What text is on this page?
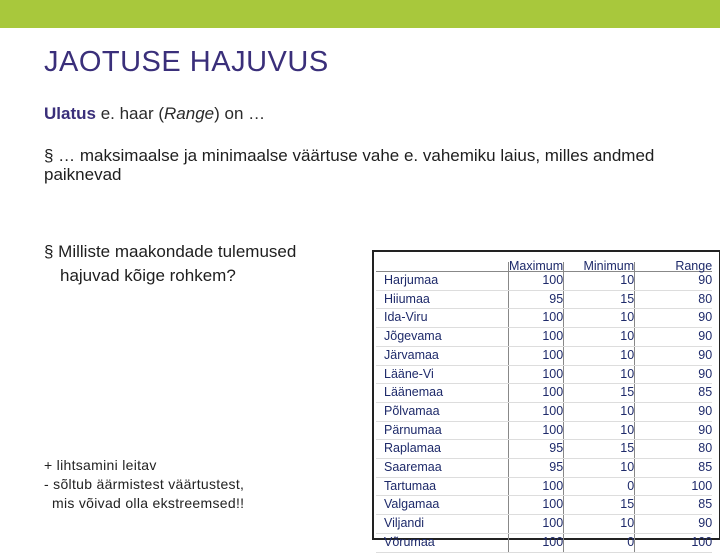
JAOTUSE HAJUVUS
Ulatus e. haar (Range) on …
§ … maksimaalse ja minimaalse väärtuse vahe e. vahemiku laius, milles andmed paiknevad
§ Milliste maakondade tulemused
hajuvad kõige rohkem?
+ lihtsamini leitav
- sõltub äärmistest väärtustest,
mis võivad olla ekstreemsed!!
	Maximum	Minimum	Range
Harjumaa	100	10	90
Hiiumaa	95	15	80
Ida-Viru	100	10	90
Jõgevama	100	10	90
Järvamaa	100	10	90
Lääne-Vi	100	10	90
Läänemaa	100	15	85
Põlvamaa	100	10	90
Pärnumaa	100	10	90
Raplamaa	95	15	80
Saaremaa	95	10	85
Tartumaa	100	0	100
Valgamaa	100	15	85
Viljandi	100	10	90
Võrumaa	100	0	100
